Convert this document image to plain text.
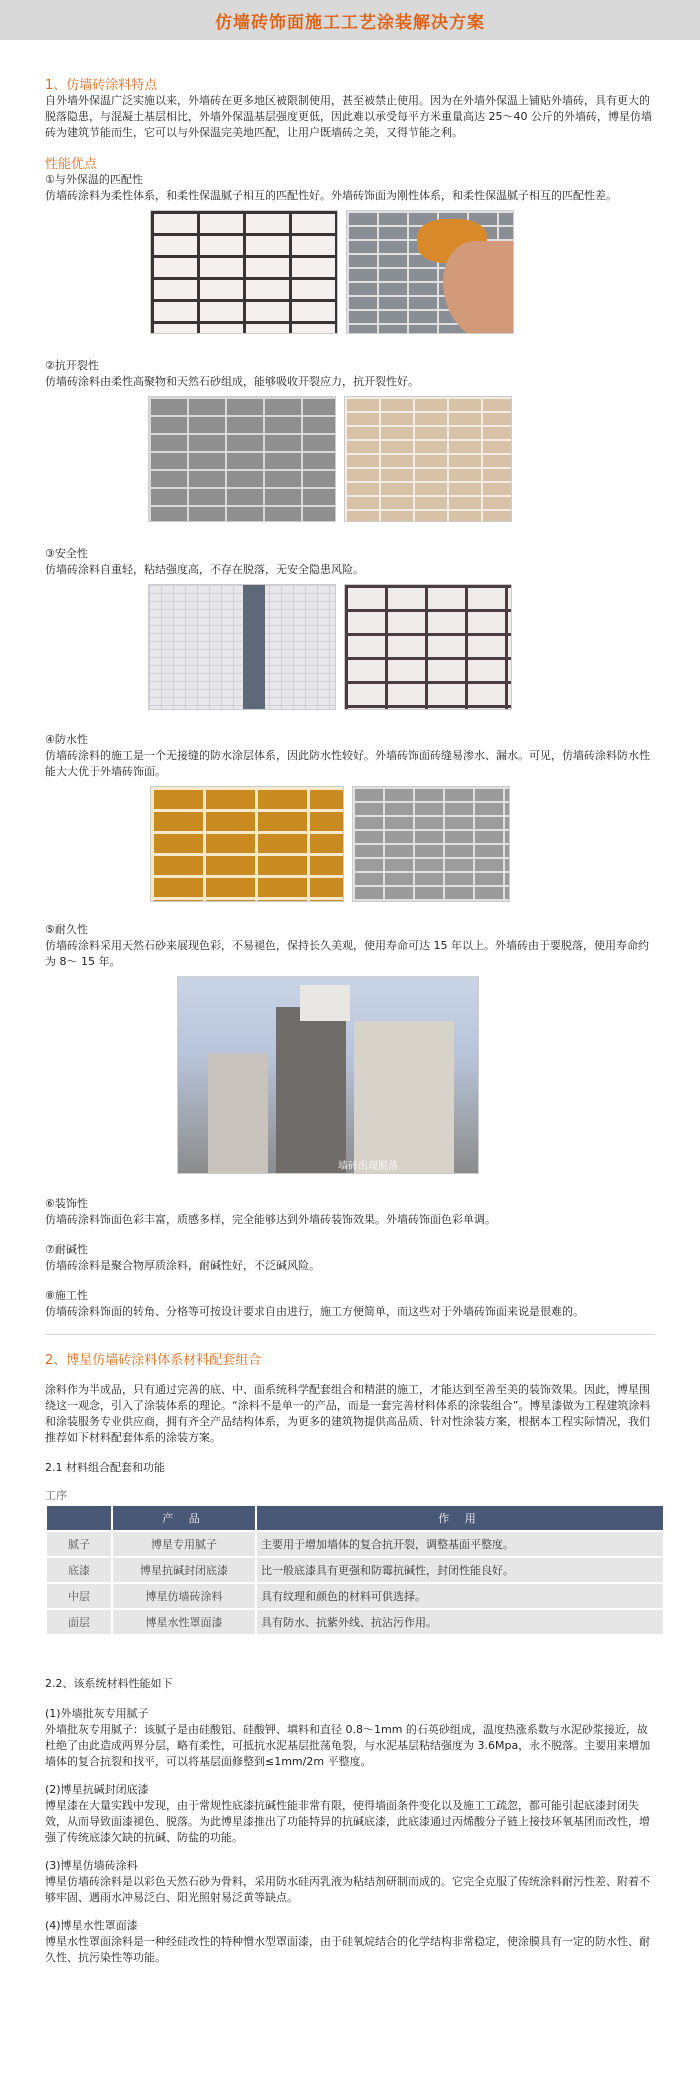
仿墙砖饰面施工工艺涂装解决方案

1、仿墙砖涂料特点

自外墙外保温广泛实施以来，外墙砖在更多地区被限制使用，甚至被禁止使用。因为在外墙外保温上铺贴外墙砖，具有更大的脱落隐患，与混凝土基层相比，外墙外保温基层强度更低，因此难以承受每平方米重量高达 25～40 公斤的外墙砖，博星仿墙砖为建筑节能而生，它可以与外保温完美地匹配，让用户既墙砖之美，又得节能之利。

性能优点

①与外保温的匹配性

仿墙砖涂料为柔性体系，和柔性保温腻子相互的匹配性好。外墙砖饰面为刚性体系，和柔性保温腻子相互的匹配性差。

②抗开裂性

仿墙砖涂料由柔性高聚物和天然石砂组成，能够吸收开裂应力，抗开裂性好。

③安全性

仿墙砖涂料自重轻，粘结强度高，不存在脱落，无安全隐患风险。

④防水性

仿墙砖涂料的施工是一个无接缝的防水涂层体系，因此防水性较好。外墙砖饰面砖缝易渗水、漏水。可见，仿墙砖涂料防水性能大大优于外墙砖饰面。

⑤耐久性

仿墙砖涂料采用天然石砂来展现色彩，不易褪色，保持长久美观，使用寿命可达 15 年以上。外墙砖由于要脱落，使用寿命约为 8～ 15 年。

墙砖出现脱落

⑥装饰性

仿墙砖涂料饰面色彩丰富，质感多样，完全能够达到外墙砖装饰效果。外墙砖饰面色彩单调。

⑦耐碱性

仿墙砖涂料是聚合物厚质涂料，耐碱性好，不泛碱风险。

⑧施工性

仿墙砖涂料饰面的转角、分格等可按设计要求自由进行，施工方便简单，而这些对于外墙砖饰面来说是很难的。

2、博星仿墙砖涂料体系材料配套组合

涂料作为半成品，只有通过完善的底、中、面系统科学配套组合和精湛的施工，才能达到至善至美的装饰效果。因此，博星围绕这一观念，引入了涂装体系的理论。“涂料不是单一的产品，而是一套完善材料体系的涂装组合”。博星漆做为工程建筑涂料和涂装服务专业供应商，拥有齐全产品结构体系，为更多的建筑物提供高品质、针对性涂装方案，根据本工程实际情况，我们推荐如下材料配套体系的涂装方案。

2.1 材料组合配套和功能

工序

	产 品	作 用
腻子	博星专用腻子	主要用于增加墙体的复合抗开裂，调整基面平整度。
底漆	博星抗碱封闭底漆	比一般底漆具有更强和防霉抗碱性，封闭性能良好。
中层	博星仿墙砖涂料	具有纹理和颜色的材料可供选择。
面层	博星水性罩面漆	具有防水、抗紫外线、抗沾污作用。

2.2、该系统材料性能如下

(1)外墙批灰专用腻子

外墙批灰专用腻子：该腻子是由硅酸铝、硅酸钾、填料和直径 0.8～1mm 的石英砂组成，温度热涨系数与水泥砂浆接近，故杜绝了由此造成两界分层，略有柔性，可抵抗水泥基层批荡龟裂，与水泥基层粘结强度为 3.6Mpa，永不脱落。主要用来增加墙体的复合抗裂和找平，可以将基层面修整到≤1mm/2m 平整度。

(2)博星抗碱封闭底漆

博星漆在大量实践中发现，由于常规性底漆抗碱性能非常有限，使得墙面条件变化以及施工工疏忽，都可能引起底漆封闭失效，从而导致面漆褪色、脱落。为此博星漆推出了功能特异的抗碱底漆，此底漆通过丙烯酸分子链上接技环氧基团而改性，增强了传统底漆欠缺的抗碱、防盐的功能。

(3)博星仿墙砖涂料

博星仿墙砖涂料是以彩色天然石砂为骨料，采用防水硅丙乳液为粘结剂研制而成的。它完全克服了传统涂料耐污性差、附着不够牢固、遇雨水冲易泛白、阳光照射易泛黄等缺点。

(4)博星水性罩面漆

博星水性罩面涂料是一种经硅改性的特种憎水型罩面漆，由于硅氧烷结合的化学结构非常稳定，使涂膜具有一定的防水性、耐久性、抗污染性等功能。
